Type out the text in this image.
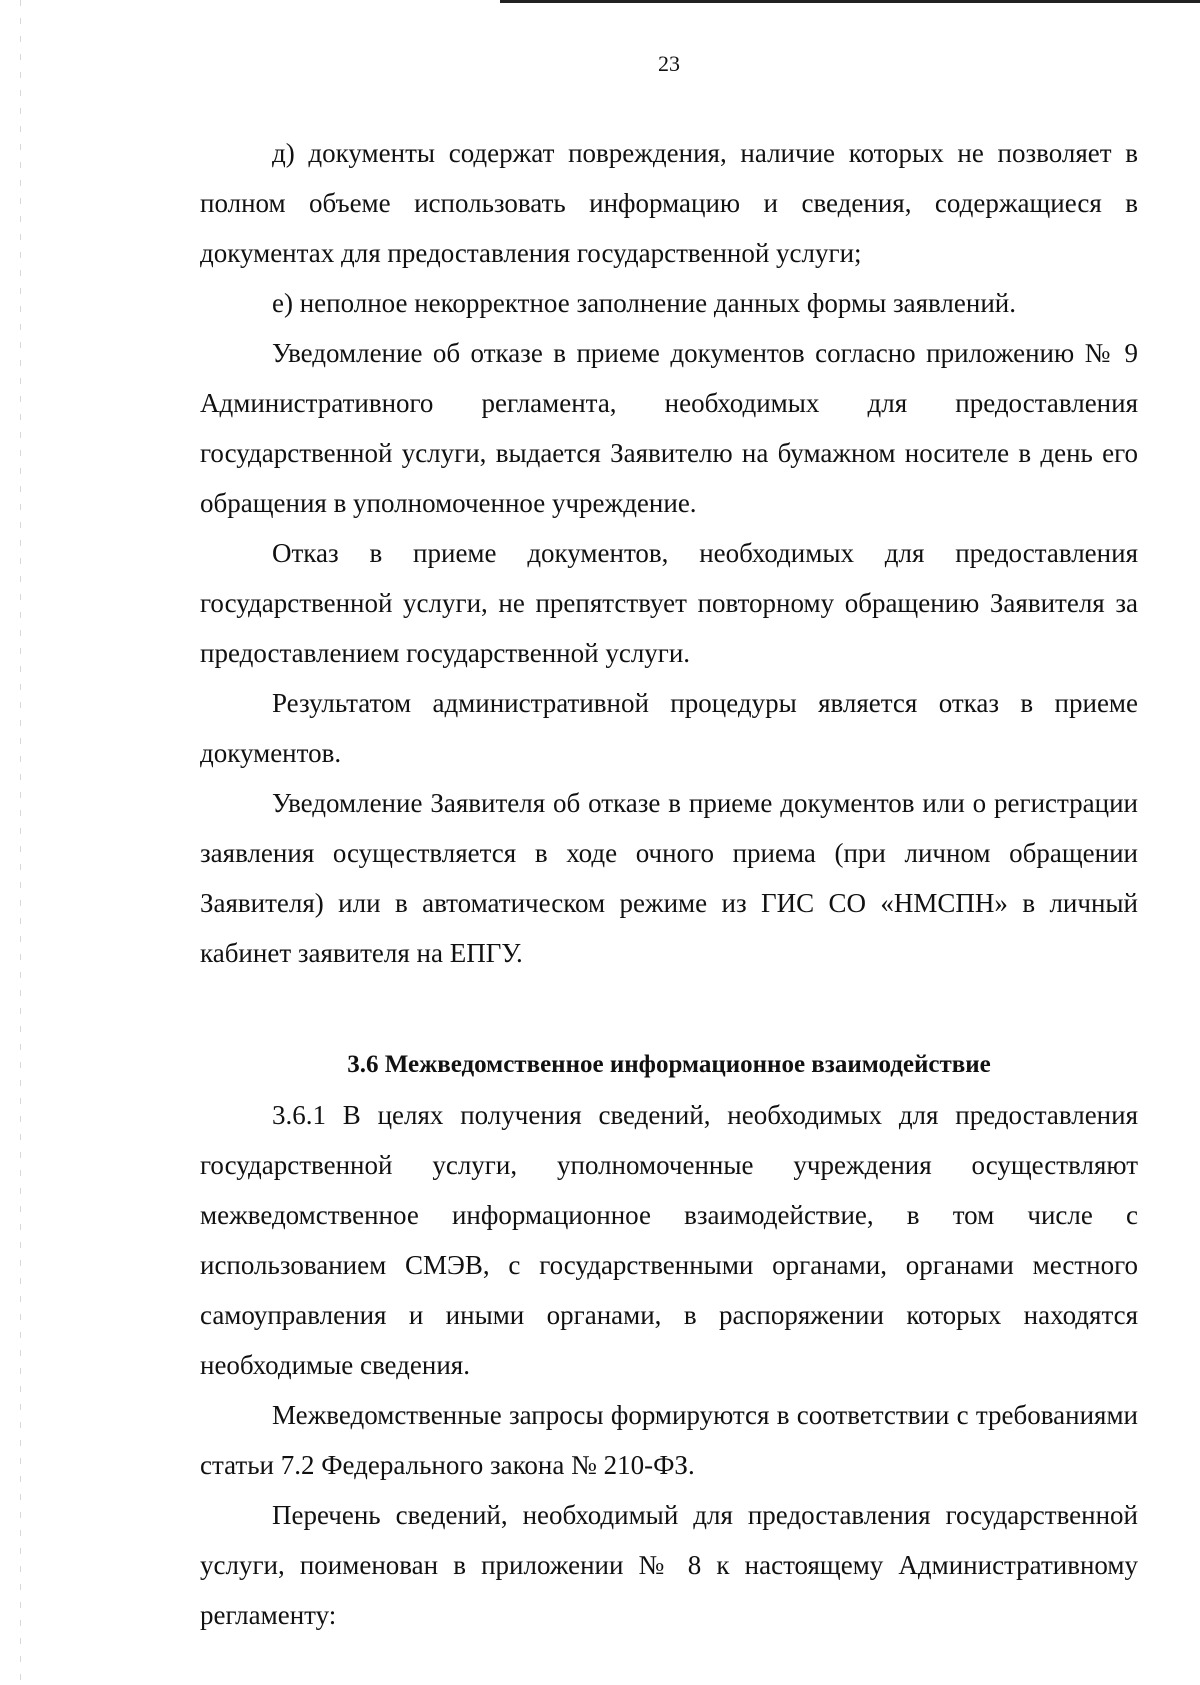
23

д) документы содержат повреждения, наличие которых не позволяет в полном объеме использовать информацию и сведения, содержащиеся в документах для предоставления государственной услуги;

е) неполное некорректное заполнение данных формы заявлений.

Уведомление об отказе в приеме документов согласно приложению № 9 Административного регламента, необходимых для предоставления государственной услуги, выдается Заявителю на бумажном носителе в день его обращения в уполномоченное учреждение.

Отказ в приеме документов, необходимых для предоставления государственной услуги, не препятствует повторному обращению Заявителя за предоставлением государственной услуги.

Результатом административной процедуры является отказ в приеме документов.

Уведомление Заявителя об отказе в приеме документов или о регистрации заявления осуществляется в ходе очного приема (при личном обращении Заявителя) или в автоматическом режиме из ГИС СО «НМСПН» в личный кабинет заявителя на ЕПГУ.

3.6 Межведомственное информационное взаимодействие

3.6.1 В целях получения сведений, необходимых для предоставления государственной услуги, уполномоченные учреждения осуществляют межведомственное информационное взаимодействие, в том числе с использованием СМЭВ, с государственными органами, органами местного самоуправления и иными органами, в распоряжении которых находятся необходимые сведения.

Межведомственные запросы формируются в соответствии с требованиями статьи 7.2 Федерального закона № 210-ФЗ.

Перечень сведений, необходимый для предоставления государственной услуги, поименован в приложении № 8 к настоящему Административному регламенту:
